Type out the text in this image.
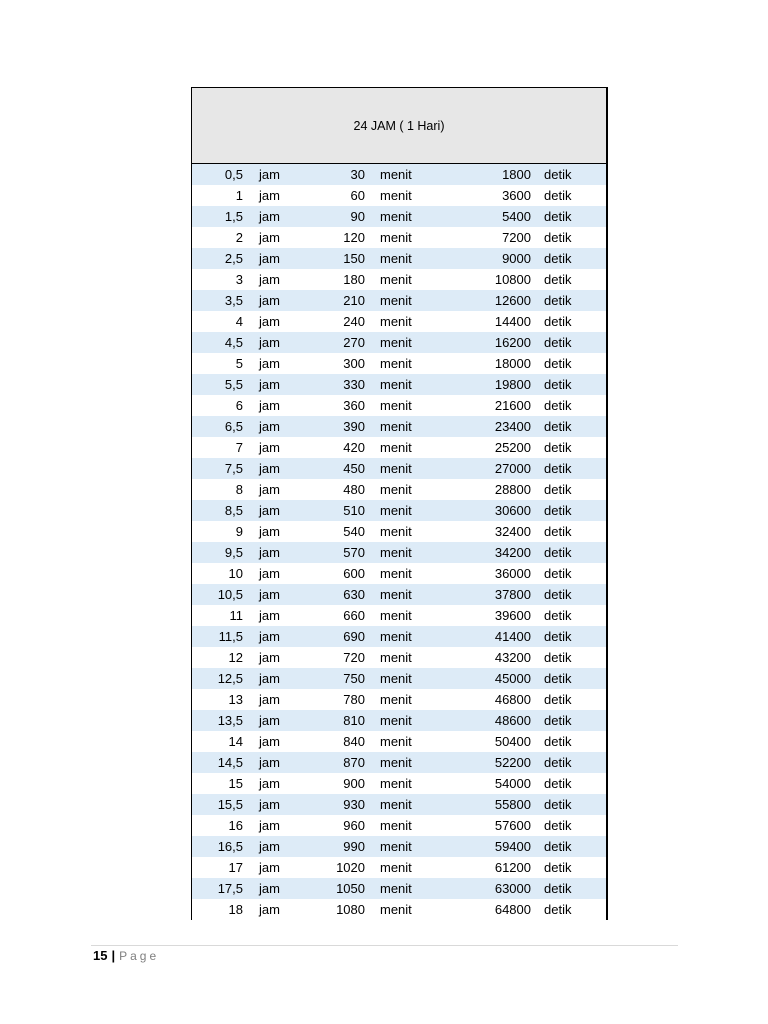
24 JAM ( 1 Hari)
0,5 jam	30 menit	1800 detik
1 jam	60 menit	3600 detik
1,5 jam	90 menit	5400 detik
2 jam	120 menit	7200 detik
2,5 jam	150 menit	9000 detik
3 jam	180 menit	10800 detik
3,5 jam	210 menit	12600 detik
4 jam	240 menit	14400 detik
4,5 jam	270 menit	16200 detik
5 jam	300 menit	18000 detik
5,5 jam	330 menit	19800 detik
6 jam	360 menit	21600 detik
6,5 jam	390 menit	23400 detik
7 jam	420 menit	25200 detik
7,5 jam	450 menit	27000 detik
8 jam	480 menit	28800 detik
8,5 jam	510 menit	30600 detik
9 jam	540 menit	32400 detik
9,5 jam	570 menit	34200 detik
10 jam	600 menit	36000 detik
10,5 jam	630 menit	37800 detik
11 jam	660 menit	39600 detik
11,5 jam	690 menit	41400 detik
12 jam	720 menit	43200 detik
12,5 jam	750 menit	45000 detik
13 jam	780 menit	46800 detik
13,5 jam	810 menit	48600 detik
14 jam	840 menit	50400 detik
14,5 jam	870 menit	52200 detik
15 jam	900 menit	54000 detik
15,5 jam	930 menit	55800 detik
16 jam	960 menit	57600 detik
16,5 jam	990 menit	59400 detik
17 jam	1020 menit	61200 detik
17,5 jam	1050 menit	63000 detik
18 jam	1080 menit	64800 detik
15 | Page
